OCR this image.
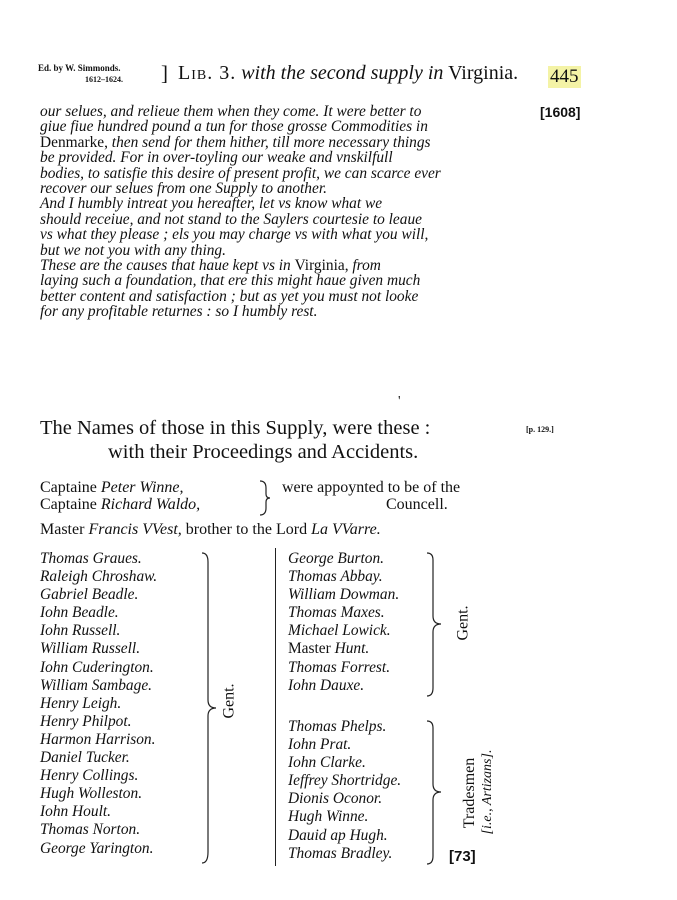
Ed. by W. Simmonds.
1612–1624. ] Lib. 3. with the second supply in Virginia. 445
[1608]
our selues, and relieue them when they come. It were better to
giue fiue hundred pound a tun for those grosse Commodities in
Denmarke, then send for them hither, till more necessary things
be provided. For in over-toyling our weake and vnskilfull
bodies, to satisfie this desire of present profit, we can scarce ever
recover our selues from one Supply to another.
And I humbly intreat you hereafter, let vs know what we
should receiue, and not stand to the Saylers courtesie to leaue
vs what they please ; els you may charge vs with what you will,
but we not you with any thing.
These are the causes that haue kept vs in Virginia, from
laying such a foundation, that ere this might haue given much
better content and satisfaction ; but as yet you must not looke
for any profitable returnes : so I humbly rest.
'
The Names of those in this Supply, were these :
with their Proceedings and Accidents.
[p. 129.]
Captaine Peter Winne,
Captaine Richard Waldo,
were appoynted to be of the
Councell.
Master Francis VVest, brother to the Lord La VVarre.
Thomas Graues.
Raleigh Chroshaw.
Gabriel Beadle.
Iohn Beadle.
Iohn Russell.
William Russell.
Iohn Cuderington.
William Sambage.
Henry Leigh.
Henry Philpot.
Harmon Harrison.
Daniel Tucker.
Henry Collings.
Hugh Wolleston.
Iohn Hoult.
Thomas Norton.
George Yarington.
Gent.
George Burton.
Thomas Abbay.
William Dowman.
Thomas Maxes.
Michael Lowick.
Master Hunt.
Thomas Forrest.
Iohn Dauxe.
Gent.
Thomas Phelps.
Iohn Prat.
Iohn Clarke.
Ieffrey Shortridge.
Dionis Oconor.
Hugh Winne.
Dauid ap Hugh.
Thomas Bradley.
Tradesmen [i.e., Artizans].
[73]
